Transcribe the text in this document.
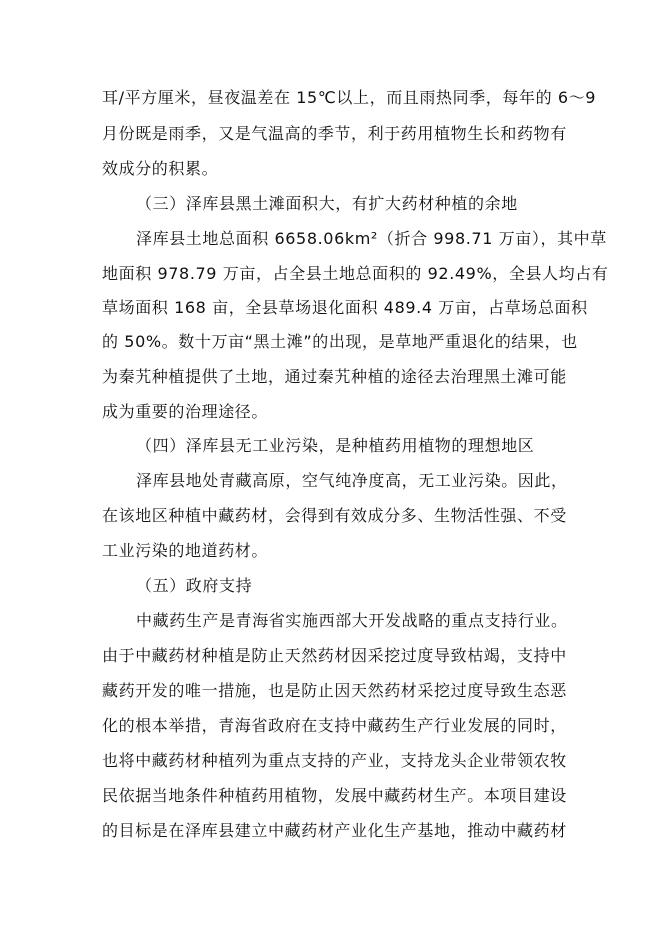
耳/平方厘米，昼夜温差在 15℃以上，而且雨热同季，每年的 6～9
月份既是雨季，又是气温高的季节，利于药用植物生长和药物有
效成分的积累。
（三）泽库县黑土滩面积大，有扩大药材种植的余地
泽库县土地总面积 6658.06km²（折合 998.71 万亩），其中草
地面积 978.79 万亩，占全县土地总面积的 92.49%，全县人均占有
草场面积 168 亩，全县草场退化面积 489.4 万亩，占草场总面积
的 50%。数十万亩“黑土滩”的出现，是草地严重退化的结果，也
为秦艽种植提供了土地，通过秦艽种植的途径去治理黑土滩可能
成为重要的治理途径。
（四）泽库县无工业污染，是种植药用植物的理想地区
泽库县地处青藏高原，空气纯净度高，无工业污染。因此，
在该地区种植中藏药材，会得到有效成分多、生物活性强、不受
工业污染的地道药材。
（五）政府支持
中藏药生产是青海省实施西部大开发战略的重点支持行业。
由于中藏药材种植是防止天然药材因采挖过度导致枯竭，支持中
藏药开发的唯一措施，也是防止因天然药材采挖过度导致生态恶
化的根本举措，青海省政府在支持中藏药生产行业发展的同时，
也将中藏药材种植列为重点支持的产业，支持龙头企业带领农牧
民依据当地条件种植药用植物，发展中藏药材生产。本项目建设
的目标是在泽库县建立中藏药材产业化生产基地，推动中藏药材
